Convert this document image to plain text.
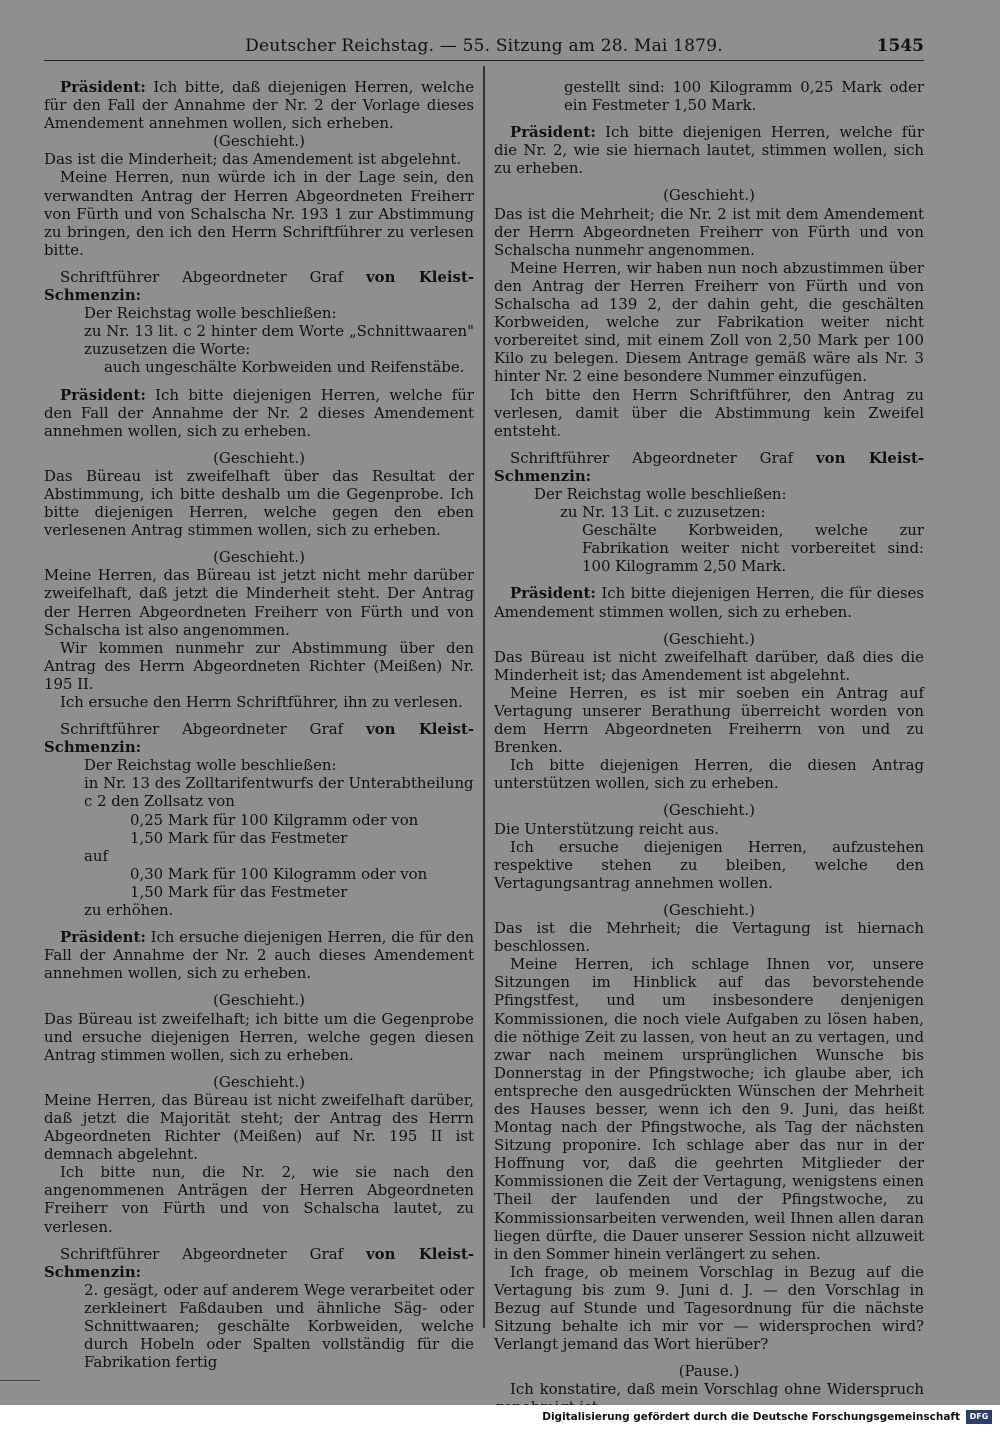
Deutscher Reichstag. — 55. Sitzung am 28. Mai 1879.	1545

Präsident: Ich bitte, daß diejenigen Herren, welche für den Fall der Annahme der Nr. 2 der Vorlage dieses Amendement annehmen wollen, sich erheben.

(Geschieht.)

Das ist die Minderheit; das Amendement ist abgelehnt.

Meine Herren, nun würde ich in der Lage sein, den verwandten Antrag der Herren Abgeordneten Freiherr von Fürth und von Schalscha Nr. 193 1 zur Abstimmung zu bringen, den ich den Herrn Schriftführer zu verlesen bitte.

Schriftführer Abgeordneter Graf von Kleist-Schmenzin:

Der Reichstag wolle beschließen:

zu Nr. 13 lit. c 2 hinter dem Worte „Schnittwaaren" zuzusetzen die Worte:

auch ungeschälte Korbweiden und Reifenstäbe.

Präsident: Ich bitte diejenigen Herren, welche für den Fall der Annahme der Nr. 2 dieses Amendement annehmen wollen, sich zu erheben.

(Geschieht.)

Das Büreau ist zweifelhaft über das Resultat der Abstimmung, ich bitte deshalb um die Gegenprobe. Ich bitte diejenigen Herren, welche gegen den eben verlesenen Antrag stimmen wollen, sich zu erheben.

(Geschieht.)

Meine Herren, das Büreau ist jetzt nicht mehr darüber zweifelhaft, daß jetzt die Minderheit steht. Der Antrag der Herren Abgeordneten Freiherr von Fürth und von Schalscha ist also angenommen.

Wir kommen nunmehr zur Abstimmung über den Antrag des Herrn Abgeordneten Richter (Meißen) Nr. 195 II.

Ich ersuche den Herrn Schriftführer, ihn zu verlesen.

Schriftführer Abgeordneter Graf von Kleist-Schmenzin:

Der Reichstag wolle beschließen:

in Nr. 13 des Zolltarifentwurfs der Unterabtheilung c 2 den Zollsatz von

0,25 Mark für 100 Kilgramm oder von

1,50 Mark für das Festmeter

auf

0,30 Mark für 100 Kilogramm oder von

1,50 Mark für das Festmeter

zu erhöhen.

Präsident: Ich ersuche diejenigen Herren, die für den Fall der Annahme der Nr. 2 auch dieses Amendement annehmen wollen, sich zu erheben.

(Geschieht.)

Das Büreau ist zweifelhaft; ich bitte um die Gegenprobe und ersuche diejenigen Herren, welche gegen diesen Antrag stimmen wollen, sich zu erheben.

(Geschieht.)

Meine Herren, das Büreau ist nicht zweifelhaft darüber, daß jetzt die Majorität steht; der Antrag des Herrn Abgeordneten Richter (Meißen) auf Nr. 195 II ist demnach abgelehnt.

Ich bitte nun, die Nr. 2, wie sie nach den angenommenen Anträgen der Herren Abgeordneten Freiherr von Fürth und von Schalscha lautet, zu verlesen.

Schriftführer Abgeordneter Graf von Kleist-Schmenzin:

2. gesägt, oder auf anderem Wege verarbeitet oder zerkleinert Faßdauben und ähnliche Säg- oder Schnittwaaren; geschälte Korbweiden, welche durch Hobeln oder Spalten vollständig für die Fabrikation fertig

gestellt sind: 100 Kilogramm 0,25 Mark oder ein Festmeter 1,50 Mark.

Präsident: Ich bitte diejenigen Herren, welche für die Nr. 2, wie sie hiernach lautet, stimmen wollen, sich zu erheben.

(Geschieht.)

Das ist die Mehrheit; die Nr. 2 ist mit dem Amendement der Herrn Abgeordneten Freiherr von Fürth und von Schalscha nunmehr angenommen.

Meine Herren, wir haben nun noch abzustimmen über den Antrag der Herren Freiherr von Fürth und von Schalscha ad 139 2, der dahin geht, die geschälten Korbweiden, welche zur Fabrikation weiter nicht vorbereitet sind, mit einem Zoll von 2,50 Mark per 100 Kilo zu belegen. Diesem Antrage gemäß wäre als Nr. 3 hinter Nr. 2 eine besondere Nummer einzufügen.

Ich bitte den Herrn Schriftführer, den Antrag zu verlesen, damit über die Abstimmung kein Zweifel entsteht.

Schriftführer Abgeordneter Graf von Kleist-Schmenzin:

Der Reichstag wolle beschließen:

zu Nr. 13 Lit. c zuzusetzen:

Geschälte Korbweiden, welche zur Fabrikation weiter nicht vorbereitet sind: 100 Kilogramm 2,50 Mark.

Präsident: Ich bitte diejenigen Herren, die für dieses Amendement stimmen wollen, sich zu erheben.

(Geschieht.)

Das Büreau ist nicht zweifelhaft darüber, daß dies die Minderheit ist; das Amendement ist abgelehnt.

Meine Herren, es ist mir soeben ein Antrag auf Vertagung unserer Berathung überreicht worden von dem Herrn Abgeordneten Freiherrn von und zu Brenken.

Ich bitte diejenigen Herren, die diesen Antrag unterstützen wollen, sich zu erheben.

(Geschieht.)

Die Unterstützung reicht aus.

Ich ersuche diejenigen Herren, aufzustehen respektive stehen zu bleiben, welche den Vertagungsantrag annehmen wollen.

(Geschieht.)

Das ist die Mehrheit; die Vertagung ist hiernach beschlossen.

Meine Herren, ich schlage Ihnen vor, unsere Sitzungen im Hinblick auf das bevorstehende Pfingstfest, und um insbesondere denjenigen Kommissionen, die noch viele Aufgaben zu lösen haben, die nöthige Zeit zu lassen, von heut an zu vertagen, und zwar nach meinem ursprünglichen Wunsche bis Donnerstag in der Pfingstwoche; ich glaube aber, ich entspreche den ausgedrückten Wünschen der Mehrheit des Hauses besser, wenn ich den 9. Juni, das heißt Montag nach der Pfingstwoche, als Tag der nächsten Sitzung proponire. Ich schlage aber das nur in der Hoffnung vor, daß die geehrten Mitglieder der Kommissionen die Zeit der Vertagung, wenigstens einen Theil der laufenden und der Pfingstwoche, zu Kommissionsarbeiten verwenden, weil Ihnen allen daran liegen dürfte, die Dauer unserer Session nicht allzuweit in den Sommer hinein verlängert zu sehen.

Ich frage, ob meinem Vorschlag in Bezug auf die Vertagung bis zum 9. Juni d. J. — den Vorschlag in Bezug auf Stunde und Tagesordnung für die nächste Sitzung behalte ich mir vor — widersprochen wird? Verlangt jemand das Wort hierüber?

(Pause.)

Ich konstatire, daß mein Vorschlag ohne Widerspruch

Digitalisierung gefördert durch die Deutsche Forschungsgemeinschaft	DFG
